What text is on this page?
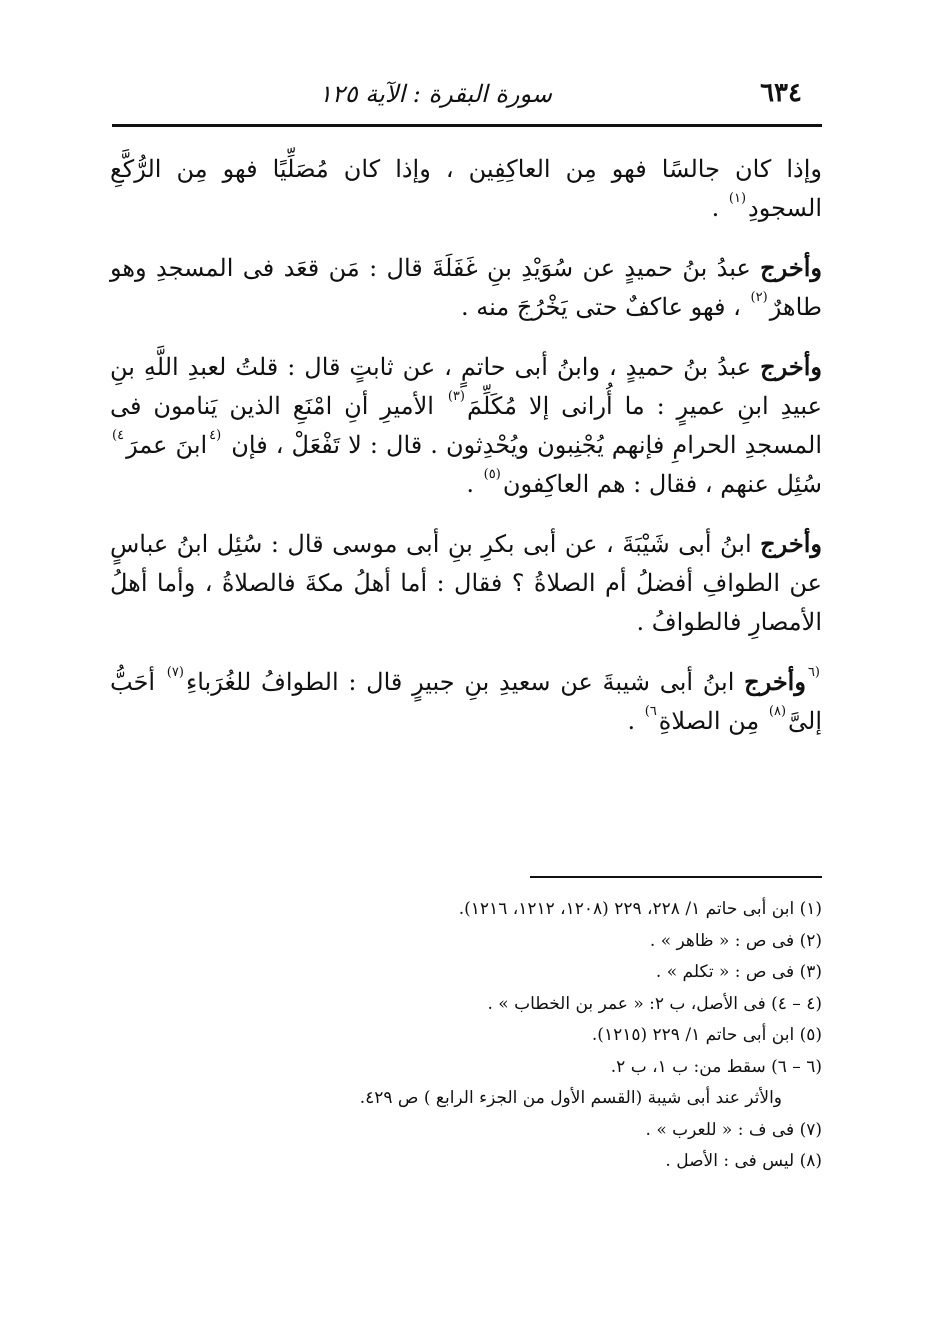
٦٣٤
سورة البقرة : الآية ١٢٥

وإذا كان جالسًا فهو مِن العاكِفِين ، وإذا كان مُصَلِّيًا فهو مِن الرُّكَّعِ السجودِ$^{(١)}$ .

وأخرج عبدُ بنُ حميدٍ عن سُوَيْدِ بنِ غَفَلَةَ قال : مَن قعَد فى المسجدِ وهو طاهرٌ$^{(٢)}$ ، فهو عاكفٌ حتى يَخْرُجَ منه .

وأخرج عبدُ بنُ حميدٍ ، وابنُ أبى حاتمٍ ، عن ثابتٍ قال : قلتُ لعبدِ اللَّهِ بنِ عبيدِ ابنِ عميرٍ : ما أُرانى إلا مُكَلِّمَ$^{(٣)}$ الأميرِ أنِ امْنَعِ الذين يَنامون فى المسجدِ الحرامِ فإنهم يُجْنِبون ويُحْدِثون . قال : لا تَفْعَلْ ، فإن $^{(٤}$ابنَ عمرَ$^{٤)}$ سُئِل عنهم ، فقال : هم العاكِفون$^{(٥)}$ .

وأخرج ابنُ أبى شَيْبَةَ ، عن أبى بكرِ بنِ أبى موسى قال : سُئِل ابنُ عباسٍ عن الطوافِ أفضلُ أم الصلاةُ ؟ فقال : أما أهلُ مكةَ فالصلاةُ ، وأما أهلُ الأمصارِ فالطوافُ .

$^{(٦}$وأخرج ابنُ أبى شيبةَ عن سعيدِ بنِ جبيرٍ قال : الطوافُ للغُرَباءِ$^{(٧)}$ أحَبُّ إلىَّ$^{(٨)}$ مِن الصلاةِ$^{٦)}$ .

(١) ابن أبى حاتم ١/ ٢٢٨، ٢٢٩ (١٢٠٨، ١٢١٢، ١٢١٦).
(٢) فى ص : « ظاهر » .
(٣) فى ص : « تكلم » .
(٤ – ٤) فى الأصل، ب ٢: « عمر بن الخطاب » .
(٥) ابن أبى حاتم ١/ ٢٢٩ (١٢١٥).
(٦ – ٦) سقط من: ب ١، ب ٢.
والأثر عند أبى شيبة (القسم الأول من الجزء الرابع ) ص ٤٢٩.
(٧) فى ف : « للعرب » .
(٨) ليس فى : الأصل .
